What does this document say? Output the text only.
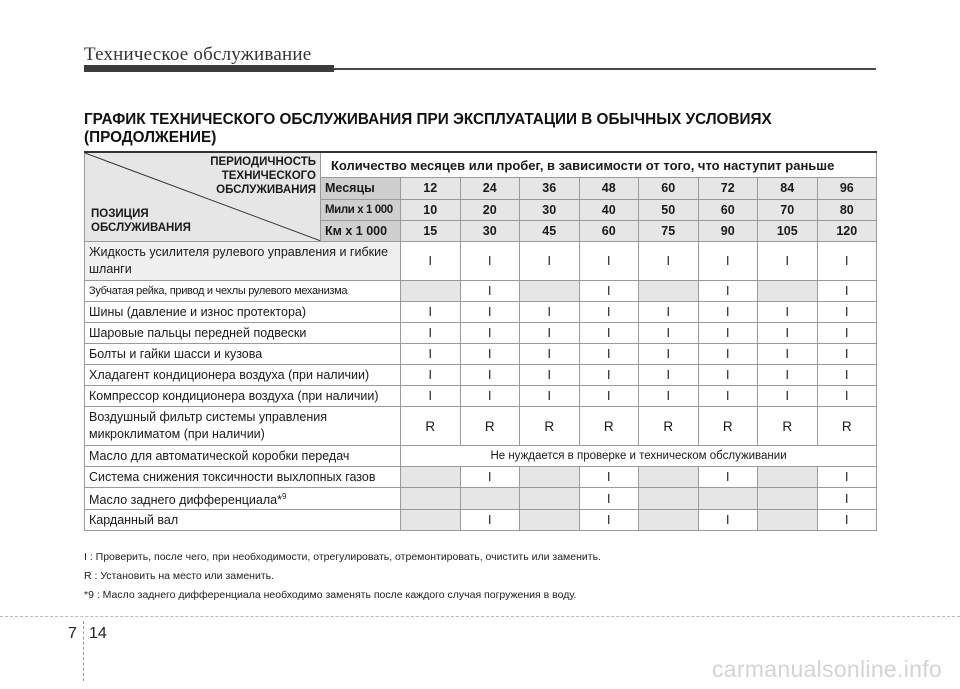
Техническое обслуживание
ГРАФИК ТЕХНИЧЕСКОГО ОБСЛУЖИВАНИЯ ПРИ ЭКСПЛУАТАЦИИ В ОБЫЧНЫХ УСЛОВИЯХ (ПРОДОЛЖЕНИЕ)
ПЕРИОДИЧНОСТЬ ТЕХНИЧЕСКОГО ОБСЛУЖИВАНИЯ
ПОЗИЦИЯ ОБСЛУЖИВАНИЯ	Количество месяцев или пробег, в зависимости от того, что наступит раньше								
	Месяцы	12	24	36	48	60	72	84	96
	Мили x 1 000	10	20	30	40	50	60	70	80
	Км x 1 000	15	30	45	60	75	90	105	120
Жидкость усилителя рулевого управления и гибкие шланги		I	I	I	I	I	I	I	I
Зубчатая рейка, привод и чехлы рулевого механизма			I		I		I		I
Шины (давление и износ протектора)		I	I	I	I	I	I	I	I
Шаровые пальцы передней подвески		I	I	I	I	I	I	I	I
Болты и гайки шасси и кузова		I	I	I	I	I	I	I	I
Хладагент кондиционера воздуха (при наличии)		I	I	I	I	I	I	I	I
Компрессор кондиционера воздуха (при наличии)		I	I	I	I	I	I	I	I
Воздушный фильтр системы управления микроклиматом (при наличии)		R	R	R	R	R	R	R	R
Масло для автоматической коробки передач		Не нуждается в проверке и техническом обслуживании							
Система снижения токсичности выхлопных газов			I		I		I		I
Масло заднего дифференциала*$^9$					I				I
Карданный вал			I		I		I		I
I : Проверить, после чего, при необходимости, отрегулировать, отремонтировать, очистить или заменить.
R : Установить на место или заменить.
*9 : Масло заднего дифференциала необходимо заменять после каждого случая погружения в воду.
7 14
carmanualsonline.info
